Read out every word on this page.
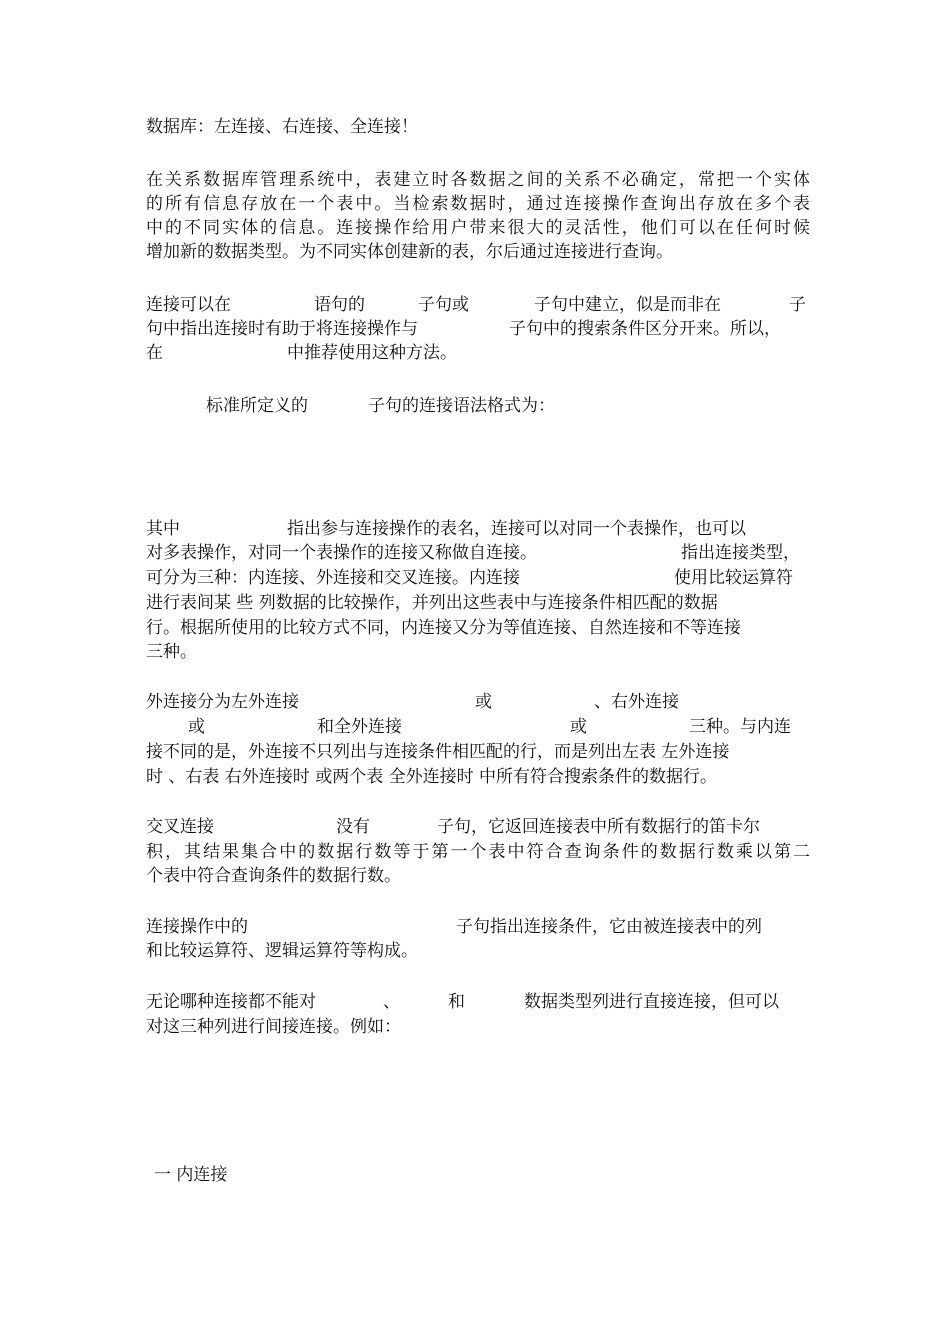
数据库：左连接、右连接、全连接！
在关系数据库管理系统中，表建立时各数据之间的关系不必确定，常把一个实体
的所有信息存放在一个表中。当检索数据时，通过连接操作查询出存放在多个表
中的不同实体的信息。连接操作给用户带来很大的灵活性，他们可以在任何时候
增加新的数据类型。为不同实体创建新的表，尔后通过连接进行查询。
连接可以在	语句的	子句或	子句中建立，似是而非在	子
句中指出连接时有助于将连接操作与	子句中的搜索条件区分开来。所以，
在	中推荐使用这种方法。
标准所定义的	子句的连接语法格式为：
其中	指出参与连接操作的表名，连接可以对同一个表操作，也可以
对多表操作，对同一个表操作的连接又称做自连接。	指出连接类型，
可分为三种：内连接、外连接和交叉连接。内连接	使用比较运算符
进行表间某 些 列数据的比较操作，并列出这些表中与连接条件相匹配的数据
行。根据所使用的比较方式不同，内连接又分为等值连接、自然连接和不等连接
三种。
外连接分为左外连接	或	、右外连接
或	和全外连接	或	三种。与内连
接不同的是，外连接不只列出与连接条件相匹配的行，而是列出左表 左外连接
时 、右表 右外连接时 或两个表 全外连接时 中所有符合搜索条件的数据行。
交叉连接	没有	子句，它返回连接表中所有数据行的笛卡尔
积，其结果集合中的数据行数等于第一个表中符合查询条件的数据行数乘以第二
个表中符合查询条件的数据行数。
连接操作中的	子句指出连接条件，它由被连接表中的列
和比较运算符、逻辑运算符等构成。
无论哪种连接都不能对	、	和	数据类型列进行直接连接，但可以
对这三种列进行间接连接。例如：
一 内连接
